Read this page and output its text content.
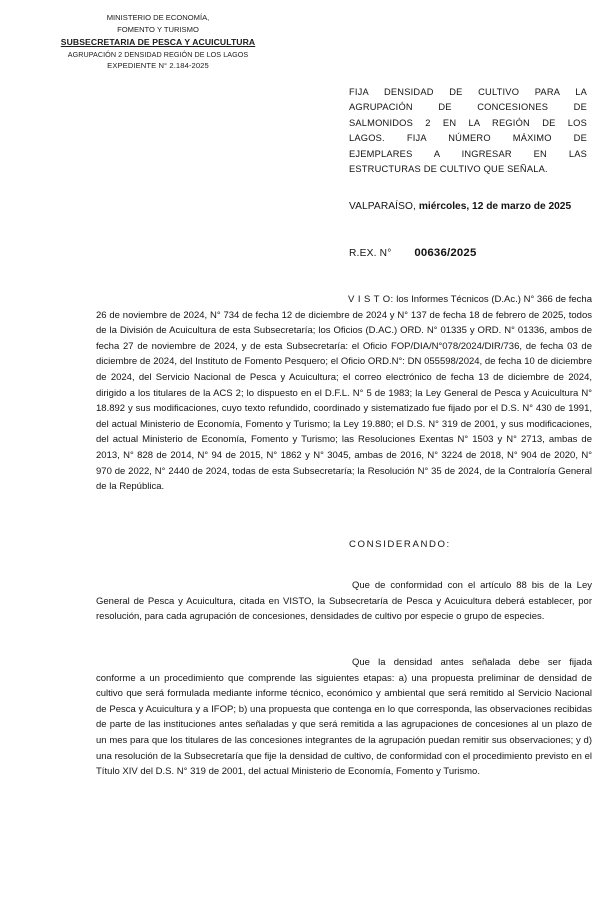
MINISTERIO DE ECONOMÍA,
FOMENTO Y TURISMO
SUBSECRETARIA DE PESCA Y ACUICULTURA
AGRUPACIÓN 2 DENSIDAD REGIÓN DE LOS LAGOS
EXPEDIENTE N° 2.184-2025
FIJA DENSIDAD DE CULTIVO PARA LA
AGRUPACIÓN DE CONCESIONES DE
SALMONIDOS 2 EN LA REGIÓN DE LOS
LAGOS. FIJA NÚMERO MÁXIMO DE
EJEMPLARES A INGRESAR EN LAS
ESTRUCTURAS DE CULTIVO QUE SEÑALA.
VALPARAÍSO, miércoles, 12 de marzo de 2025
R.EX. N° 00636/2025
V I S T O: los Informes Técnicos (D.Ac.) N° 366 de fecha 26 de noviembre de 2024, N° 734 de fecha 12 de diciembre de 2024 y N° 137 de fecha 18 de febrero de 2025, todos de la División de Acuicultura de esta Subsecretaría; los Oficios (D.AC.) ORD. N° 01335 y ORD. N° 01336, ambos de fecha 27 de noviembre de 2024, y de esta Subsecretaría: el Oficio FOP/DIA/N°078/2024/DIR/736, de fecha 03 de diciembre de 2024, del Instituto de Fomento Pesquero; el Oficio ORD.N°: DN 055598/2024, de fecha 10 de diciembre de 2024, del Servicio Nacional de Pesca y Acuicultura; el correo electrónico de fecha 13 de diciembre de 2024, dirigido a los titulares de la ACS 2; lo dispuesto en el D.F.L. N° 5 de 1983; la Ley General de Pesca y Acuicultura N° 18.892 y sus modificaciones, cuyo texto refundido, coordinado y sistematizado fue fijado por el D.S. N° 430 de 1991, del actual Ministerio de Economía, Fomento y Turismo; la Ley 19.880; el D.S. N° 319 de 2001, y sus modificaciones, del actual Ministerio de Economía, Fomento y Turismo; las Resoluciones Exentas N° 1503 y N° 2713, ambas de 2013, N° 828 de 2014, N° 94 de 2015, N° 1862 y N° 3045, ambas de 2016, N° 3224 de 2018, N° 904 de 2020, N° 970 de 2022, N° 2440 de 2024, todas de esta Subsecretaría; la Resolución N° 35 de 2024, de la Contraloría General de la República.
CONSIDERANDO:
Que de conformidad con el artículo 88 bis de la Ley General de Pesca y Acuicultura, citada en VISTO, la Subsecretaría de Pesca y Acuicultura deberá establecer, por resolución, para cada agrupación de concesiones, densidades de cultivo por especie o grupo de especies.
Que la densidad antes señalada debe ser fijada conforme a un procedimiento que comprende las siguientes etapas: a) una propuesta preliminar de densidad de cultivo que será formulada mediante informe técnico, económico y ambiental que será remitido al Servicio Nacional de Pesca y Acuicultura y a IFOP; b) una propuesta que contenga en lo que corresponda, las observaciones recibidas de parte de las instituciones antes señaladas y que será remitida a las agrupaciones de concesiones al un plazo de un mes para que los titulares de las concesiones integrantes de la agrupación puedan remitir sus observaciones; y d) una resolución de la Subsecretaría que fije la densidad de cultivo, de conformidad con el procedimiento previsto en el Título XIV del D.S. N° 319 de 2001, del actual Ministerio de Economía, Fomento y Turismo.
